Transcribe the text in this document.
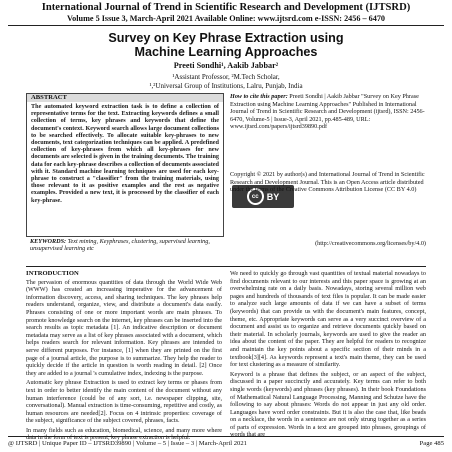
International Journal of Trend in Scientific Research and Development (IJTSRD)
Volume 5 Issue 3, March-April 2021 Available Online: www.ijtsrd.com e-ISSN: 2456 – 6470
Survey on Key Phrase Extraction using
Machine Learning Approaches
Preeti Sondhi¹, Aakib Jabbar²
¹Assistant Professor, ²M.Tech Scholar,
¹,²Universal Group of Institutions, Lalru, Punjab, India
ABSTRACT
The automated keyword extraction task is to define a collection of representative terms for the text. Extracting keywords defines a small collection of terms, key phrases and keywords that define the document's context. Keyword search allows large document collections to be searched effectively. To allocate suitable key-phrases to new documents, text categorization techniques can be applied. A predefined collection of key-phrases from which all key-phrases for new documents are selected is given in the training documents. The training data for each key-phrase describes a collection of documents associated with it. Standard machine learning techniques are used for each key-phrase to construct a "classifier" from the training materials, using those relevant to it as positive examples and the rest as negative examples. Provided a new text, it is processed by the classifier of each key-phrase.
KEYWORDS: Text mining, Keyphrases, clustering, supervised learning, unsupervised learning etc

How to cite this paper: Preeti Sondhi | Aakib Jabbar "Survey on Key Phrase Extraction using Machine Learning Approaches" Published in International Journal of Trend in Scientific Research and Development (ijtsrd), ISSN: 2456-6470, Volume-5 | Issue-3, April 2021, pp.485-489, URL: www.ijtsrd.com/papers/ijtsrd39890.pdf

cc BY
Copyright © 2021 by author(s) and International Journal of Trend in Scientific Research and Development Journal. This is an Open Access article distributed under the terms of the Creative Commons Attribution License (CC BY 4.0)
(http://creativecommons.org/licenses/by/4.0)
INTRODUCTION

The pervasion of enormous quantities of data through the World Wide Web (WWW) has created an increasing imperative for the advancement of information discovery, access, and sharing techniques. The key phrases help readers understand, organize, view, and distribute a document's data easily. Phrases consisting of one or more important words are main phrases. To promote knowledge search on the internet, key phrases can be inserted into the search results as topic metadata [1]. An indicative description or document metadata may serve as a list of key phrases associated with a document, which helps readers search for relevant information. Key phrases are intended to serve different purposes. For instance, [1] when they are printed on the first page of a journal article, the purpose is to summarize. They help the reader to quickly decide if the article in question is worth reading in detail. [2] Once they are added to a journal 's cumulative index, indexing is the purpose.

Automatic key phrase Extraction is used to extract key terms or phases from text in order to better identify the main content of the document without any human interference (could be of any sort, i.e. newspaper clipping, site, conversational). Manual extraction is time-consuming, repetitive and costly, as human resources are needed[2]. Focus on 4 intrinsic properties: coverage of the subject, significance of the subject covered, phrases, facts.

In many fields such as education, biomedical, science, and many more where data in the form of text is present, key phrase extraction is helpful.

We need to quickly go through vast quantities of textual material nowadays to find documents relevant to our interests and this paper space is growing at an overwhelming rate on a daily basis. Nowadays, storing several million web pages and hundreds of thousands of text files is popular. It can be made easier to analyze such large amounts of data if we can have a subset of terms (keywords) that can provide us with the document's main features, concept, theme, etc. Appropriate keywords can serve as a very succinct overview of a document and assist us to organize and retrieve documents quickly based on their material. In scholarly journals, keywords are used to give the reader an idea about the content of the paper. They are helpful for readers to recognize and maintain the key points about a specific section of their minds in a textbook[3][4]. As keywords represent a text's main theme, they can be used for text clustering as a measure of similarity.

Keyword is a phrase that defines the subject, or an aspect of the subject, discussed in a paper succinctly and accurately. Key terms can refer to both single words (keywords) and phrases (key phrases). In their book Foundations of Mathematical Natural Language Processing, Manning and Schutze have the following to say about phrases: Words do not appear in just any old order. Languages have word order constraints. But it is also the case that, like beads on a necklace, the words in a sentence are not only strung together as a series of parts of expression. Words in a text are grouped into phrases, groupings of words that are

@ IJTSRD | Unique Paper ID – IJTSRD39890 | Volume – 5 | Issue – 3 | March-April 2021	Page 485
